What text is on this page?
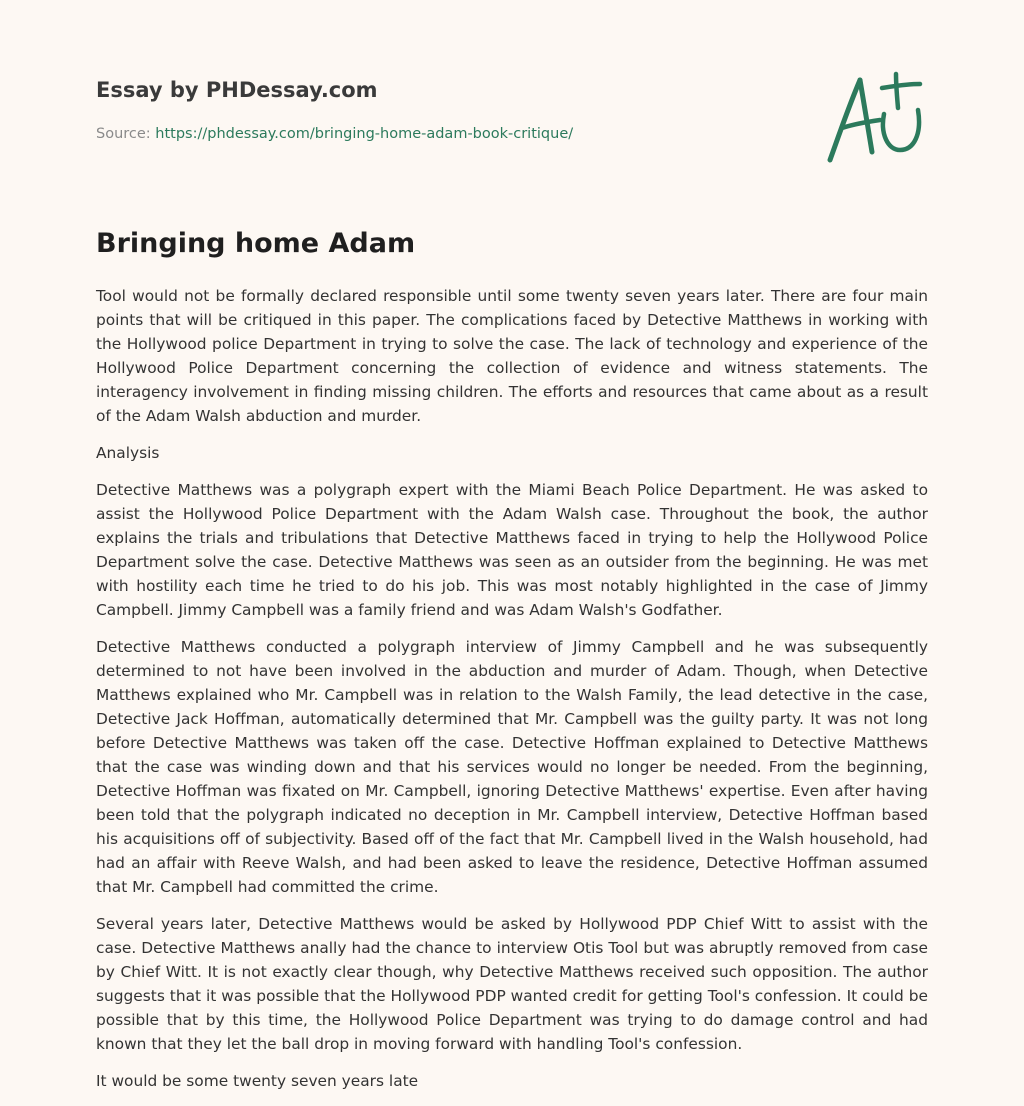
Essay by PHDessay.com
Source: https://phdessay.com/bringing-home-adam-book-critique/
Bringing home Adam

Tool would not be formally declared responsible until some twenty seven years later. There are four main points that will be critiqued in this paper. The complications faced by Detective Matthews in working with the Hollywood police Department in trying to solve the case. The lack of technology and experience of the Hollywood Police Department concerning the collection of evidence and witness statements. The interagency involvement in finding missing children. The efforts and resources that came about as a result of the Adam Walsh abduction and murder.

Analysis

Detective Matthews was a polygraph expert with the Miami Beach Police Department. He was asked to assist the Hollywood Police Department with the Adam Walsh case. Throughout the book, the author explains the trials and tribulations that Detective Matthews faced in trying to help the Hollywood Police Department solve the case. Detective Matthews was seen as an outsider from the beginning. He was met with hostility each time he tried to do his job. This was most notably highlighted in the case of Jimmy Campbell. Jimmy Campbell was a family friend and was Adam Walsh's Godfather.

Detective Matthews conducted a polygraph interview of Jimmy Campbell and he was subsequently determined to not have been involved in the abduction and murder of Adam. Though, when Detective Matthews explained who Mr. Campbell was in relation to the Walsh Family, the lead detective in the case, Detective Jack Hoffman, automatically determined that Mr. Campbell was the guilty party. It was not long before Detective Matthews was taken off the case. Detective Hoffman explained to Detective Matthews that the case was winding down and that his services would no longer be needed. From the beginning, Detective Hoffman was fixated on Mr. Campbell, ignoring Detective Matthews' expertise. Even after having been told that the polygraph indicated no deception in Mr. Campbell interview, Detective Hoffman based his acquisitions off of subjectivity. Based off of the fact that Mr. Campbell lived in the Walsh household, had had an affair with Reeve Walsh, and had been asked to leave the residence, Detective Hoffman assumed that Mr. Campbell had committed the crime.

Several years later, Detective Matthews would be asked by Hollywood PDP Chief Witt to assist with the case. Detective Matthews anally had the chance to interview Otis Tool but was abruptly removed from case by Chief Witt. It is not exactly clear though, why Detective Matthews received such opposition. The author suggests that it was possible that the Hollywood PDP wanted credit for getting Tool's confession. It could be possible that by this time, the Hollywood Police Department was trying to do damage control and had known that they let the ball drop in moving forward with handling Tool's confession.

It would be some twenty seven years late
